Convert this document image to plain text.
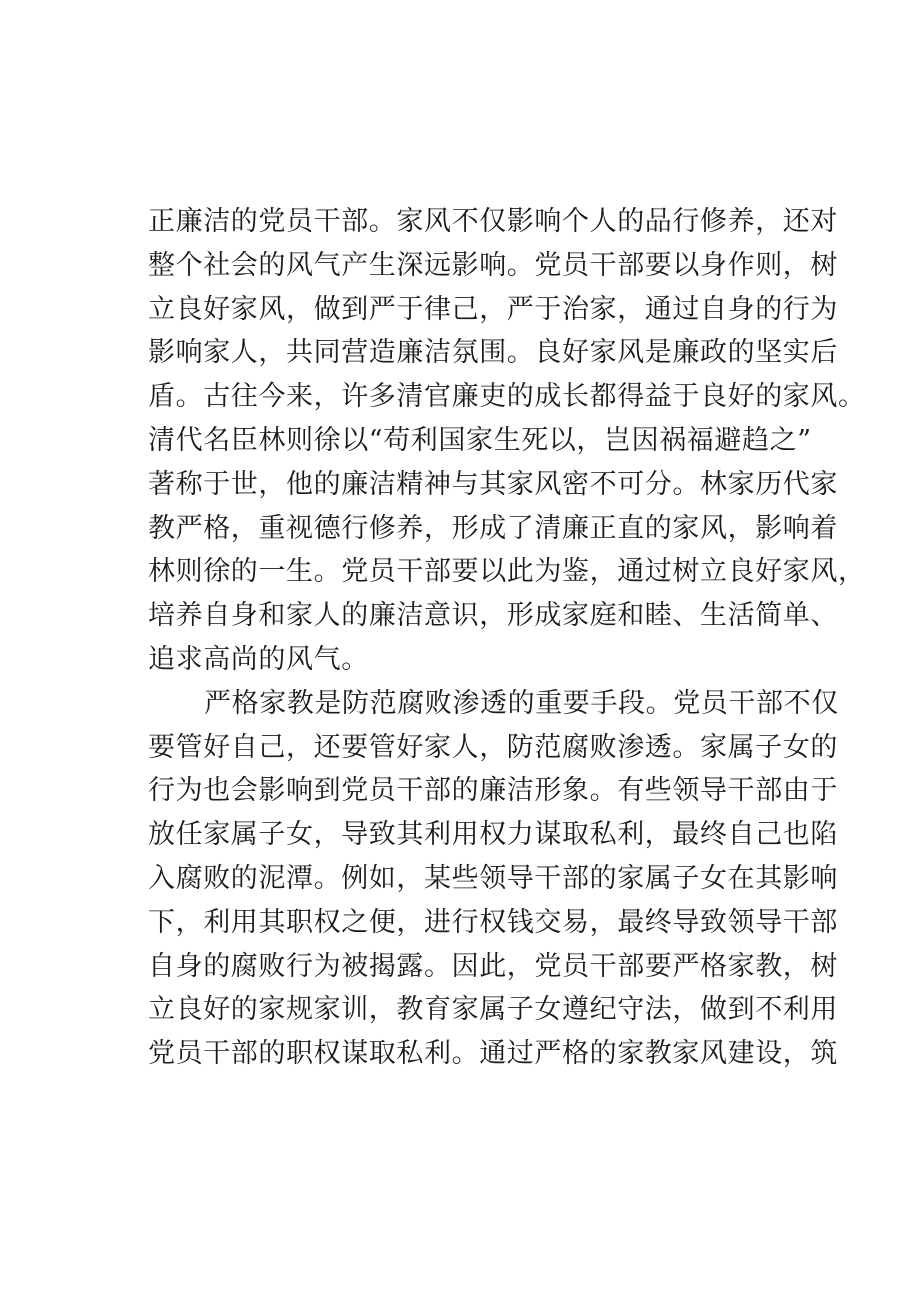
正廉洁的党员干部。家风不仅影响个人的品行修养，还对

整个社会的风气产生深远影响。党员干部要以身作则，树

立良好家风，做到严于律己，严于治家，通过自身的行为

影响家人，共同营造廉洁氛围。良好家风是廉政的坚实后

盾。古往今来，许多清官廉吏的成长都得益于良好的家风。

清代名臣林则徐以“苟利国家生死以，岂因祸福避趋之”

著称于世，他的廉洁精神与其家风密不可分。林家历代家

教严格，重视德行修养，形成了清廉正直的家风，影响着

林则徐的一生。党员干部要以此为鉴，通过树立良好家风，

培养自身和家人的廉洁意识，形成家庭和睦、生活简单、

追求高尚的风气。

严格家教是防范腐败渗透的重要手段。党员干部不仅

要管好自己，还要管好家人，防范腐败渗透。家属子女的

行为也会影响到党员干部的廉洁形象。有些领导干部由于

放任家属子女，导致其利用权力谋取私利，最终自己也陷

入腐败的泥潭。例如，某些领导干部的家属子女在其影响

下，利用其职权之便，进行权钱交易，最终导致领导干部

自身的腐败行为被揭露。因此，党员干部要严格家教，树

立良好的家规家训，教育家属子女遵纪守法，做到不利用

党员干部的职权谋取私利。通过严格的家教家风建设，筑
